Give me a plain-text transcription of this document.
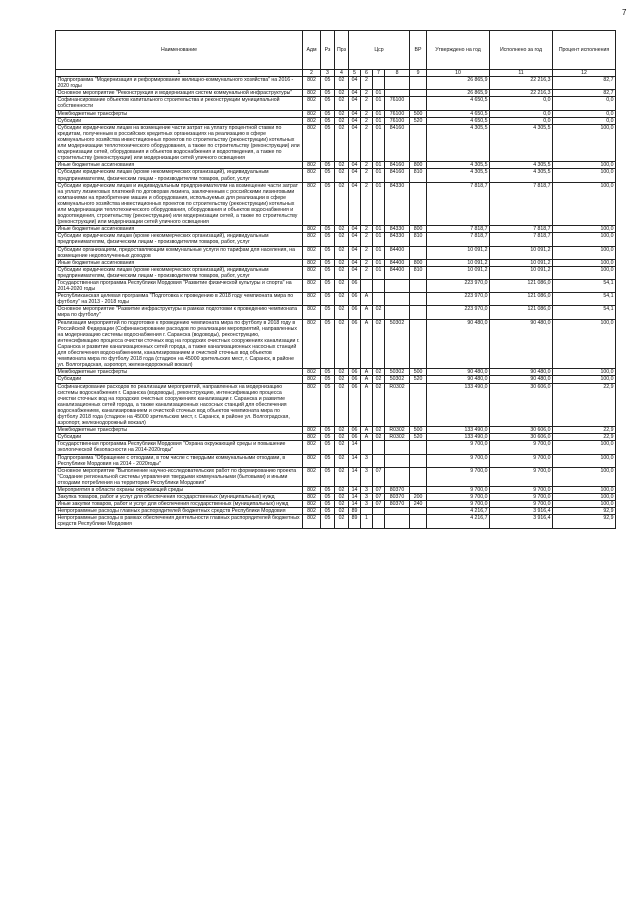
7
Наименование	Адм	Рз	Прз	Цср				ВР	Утверждено на год	Исполнено за год	Процент исполнения
1	2	3	4	5	6	7	8	9	10	11	12
Подпрограмма "Модернизация и реформирование жилищно-коммунального хозяйства" на 2016 - 2020 годы	802	05	02	04	2				26 865,9	22 216,3	82,7
Основное мероприятие "Реконструкция и модернизация систем коммунальной инфраструктуры"	802	05	02	04	2	01			26 865,9	22 216,3	82,7
Софинансирование объектов капитального строительства и реконструкции муниципальной собственности	802	05	02	04	2	01	76100		4 650,5	0,0	0,0
Межбюджетные трансферты	802	05	02	04	2	01	76100	500	4 650,5	0,0	0,0
Субсидии	802	05	02	04	2	01	76100	520	4 650,5	0,0	0,0
Субсидии юридическим лицам на возмещение части затрат на уплату процентной ставки по кредитам, полученным в российских кредитных организациях на реализацию в сфере коммунального хозяйства инвестиционных проектов по строительству (реконструкции) котельных или модернизации теплотехнического оборудования, а также по строительству (реконструкции) или модернизации сетей, оборудования и объектов водоснабжения и водоотведения, а также по строительству (реконструкции) или модернизации сетей уличного освещения	802	05	02	04	2	01	84160		4 305,5	4 305,5	100,0
Иные бюджетные ассигнования	802	05	02	04	2	01	84160	800	4 305,5	4 305,5	100,0
Субсидии юридическим лицам (кроме некоммерческих организаций), индивидуальным предпринимателям, физическим лицам - производителям товаров, работ, услуг	802	05	02	04	2	01	84160	810	4 305,5	4 305,5	100,0
Субсидии юридическим лицам и индивидуальным предпринимателям на возмещение части затрат на уплату лизинговых платежей по договорам лизинга, заключенным с российскими лизинговыми компаниями на приобретение машин и оборудования, используемых для реализации в сфере коммунального хозяйства инвестиционных проектов по строительству (реконструкции) котельных или модернизации теплотехнического оборудования, оборудования и объектов водоснабжения и водоотведения, строительству (реконструкции) или модернизации сетей, а также по строительству (реконструкции) или модернизации сетей уличного освещения	802	05	02	04	2	01	84330		7 818,7	7 818,7	100,0
Иные бюджетные ассигнования	802	05	02	04	2	01	84330	800	7 818,7	7 818,7	100,0
Субсидии юридическим лицам (кроме некоммерческих организаций), индивидуальным предпринимателям, физическим лицам - производителям товаров, работ, услуг	802	05	02	04	2	01	84330	810	7 818,7	7 818,7	100,0
Субсидии организациям, предоставляющим коммунальные услуги по тарифам для населения, на возмещение недополученных доходов	802	05	02	04	2	01	84400		10 091,2	10 091,2	100,0
Иные бюджетные ассигнования	802	05	02	04	2	01	84400	800	10 091,2	10 091,2	100,0
Субсидии юридическим лицам (кроме некоммерческих организаций), индивидуальным предпринимателям, физическим лицам - производителям товаров, работ, услуг	802	05	02	04	2	01	84400	810	10 091,2	10 091,2	100,0
Государственная программа Республики Мордовия "Развитие физической культуры и спорта" на 2014-2020 годы	802	05	02	06					223 970,0	121 086,0	54,1
Республиканская целевая программа "Подготовка к проведению в 2018 году чемпионата мира по футболу" на 2013 - 2018 годы	802	05	02	06	А				223 970,0	121 086,0	54,1
Основное мероприятие "Развитие инфраструктуры в рамках подготовки к проведению чемпионата мира по футболу"	802	05	02	06	А	02			223 970,0	121 086,0	54,1
Реализация мероприятий по подготовке к проведению чемпионата мира по футболу в 2018 году в Российской Федерации (Софинансирование расходов по реализации мероприятий, направленных на модернизацию системы водоснабжения г. Саранска (водоводы), реконструкцию, интенсификацию процесса очистки сточных вод на городских очистных сооружениях канализации г. Саранска и развитие канализационных сетей города, а также канализационных насосных станций для обеспечения водоснабжением, канализированием и очисткой сточных вод объектов чемпионата мира по футболу 2018 года (стадион на 45000 зрительских мест, г. Саранск, в районе ул. Волгоградская, аэропорт, железнодорожный вокзал)	802	05	02	06	А	02	50302		90 480,0	90 480,0	100,0
Межбюджетные трансферты	802	05	02	06	А	02	50302	500	90 480,0	90 480,0	100,0
Субсидии	802	05	02	06	А	02	50302	520	90 480,0	90 480,0	100,0
Софинансирование расходов по реализации мероприятий, направленных на модернизацию системы водоснабжения г. Саранска (водоводы), реконструкцию, интенсификацию процесса очистки сточных вод на городских очистных сооружениях канализации г. Саранска и развитие канализационных сетей города, а также канализационных насосных станций для обеспечения водоснабжением, канализированием и очисткой сточных вод объектов чемпионата мира по футболу 2018 года (стадион на 45000 зрительских мест, г. Саранск, в районе ул. Волгоградская, аэропорт, железнодорожный вокзал)	802	05	02	06	А	02	R0302		133 490,0	30 606,0	22,9
Межбюджетные трансферты	802	05	02	06	А	02	R0302	500	133 490,0	30 606,0	22,9
Субсидии	802	05	02	06	А	02	R0302	520	133 490,0	30 606,0	22,9
Государственная программа Республики Мордовия "Охрана окружающей среды и повышение экологической безопасности на 2014-2020годы"	802	05	02	14					9 700,0	9 700,0	100,0
Подпрограмма "Обращение с отходами, в том числе с твердыми коммунальными отходами, в Республике Мордовия на 2014 - 2020годы"	802	05	02	14	3				9 700,0	9 700,0	100,0
Основное мероприятие "Выполнение научно-исследовательских работ по формированию проекта "Создание региональной системы управления твердыми коммунальными (бытовыми) и иными отходами потребления на территории Республики Мордовия"	802	05	02	14	3	07			9 700,0	9 700,0	100,0
Мероприятия в области охраны окружающей среды	802	05	02	14	3	07	80370		9 700,0	9 700,0	100,0
Закупка товаров, работ и услуг для обеспечения государственных (муниципальных) нужд	802	05	02	14	3	07	80370	200	9 700,0	9 700,0	100,0
Иные закупки товаров, работ и услуг для обеспечения государственных (муниципальных) нужд	802	05	02	14	3	07	80370	240	9 700,0	9 700,0	100,0
Непрограммные расходы главных распорядителей бюджетных средств Республики Мордовия	802	05	02	89					4 216,7	3 916,4	92,9
Непрограммные расходы в рамках обеспечения деятельности главных распорядителей бюджетных средств Республики Мордовия	802	05	02	89	1				4 216,7	3 916,4	92,9
